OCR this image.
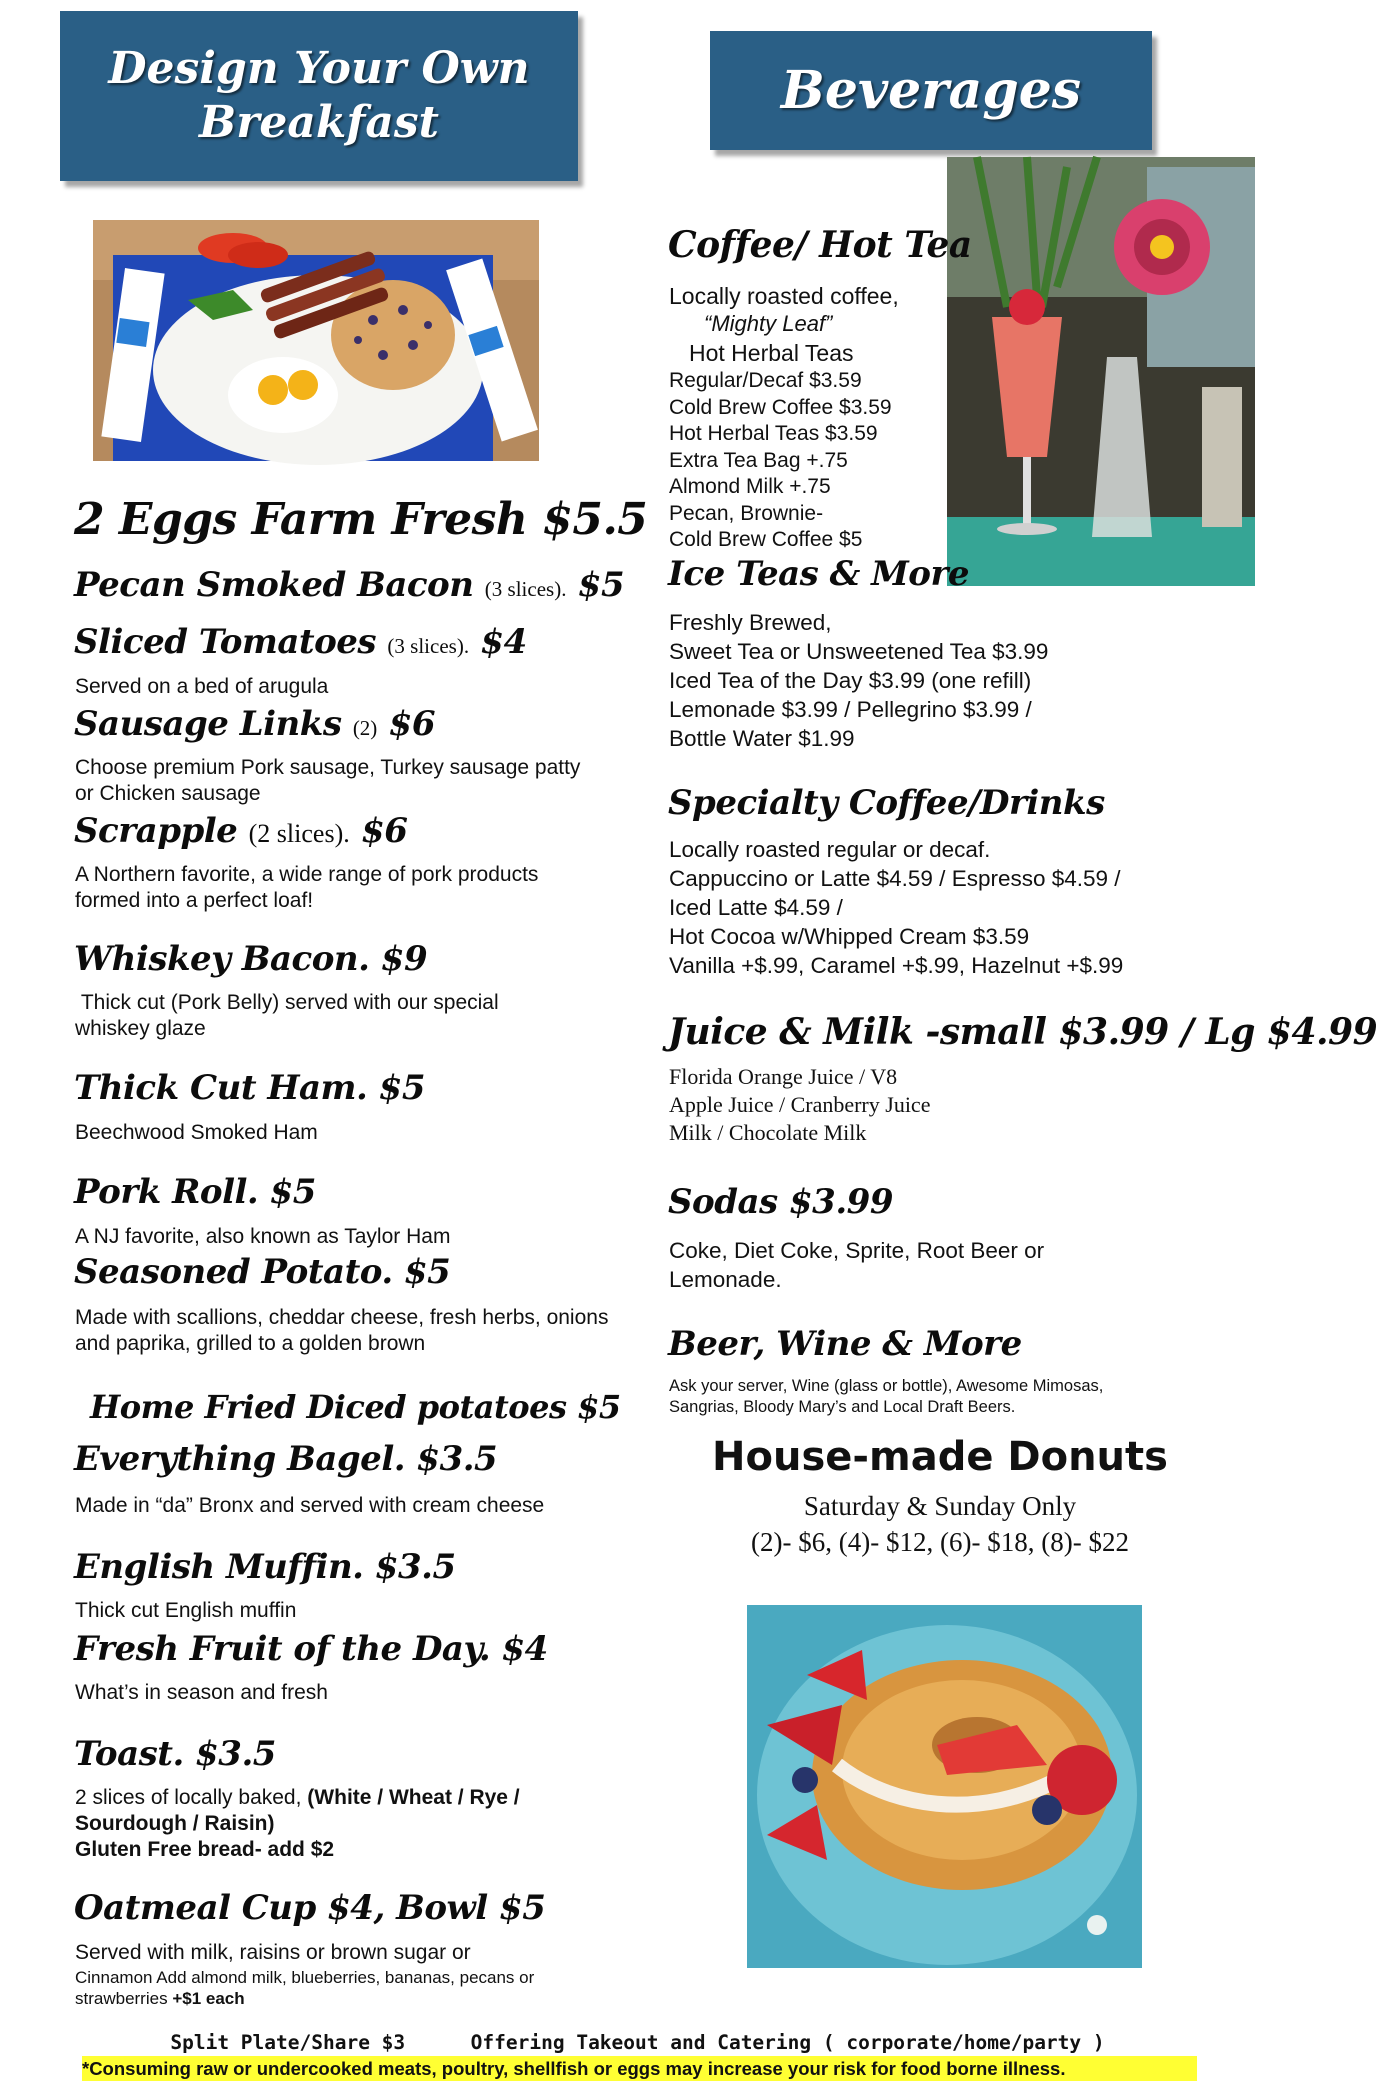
Design Your Own
Breakfast
Beverages
2 Eggs Farm Fresh $5.5
Pecan Smoked Bacon (3 slices). $5
Sliced Tomatoes (3 slices). $4
Served on a bed of arugula
Sausage Links (2) $6
Choose premium Pork sausage, Turkey sausage patty or Chicken sausage
Scrapple (2 slices). $6
A Northern favorite, a wide range of pork products formed into a perfect loaf!
Whiskey Bacon. $9
Thick cut (Pork Belly) served with our special whiskey glaze
Thick Cut Ham. $5
Beechwood Smoked Ham
Pork Roll. $5
A NJ favorite, also known as Taylor Ham
Seasoned Potato. $5
Made with scallions, cheddar cheese, fresh herbs, onions and paprika, grilled to a golden brown
Home Fried Diced potatoes $5
Everything Bagel. $3.5
Made in “da” Bronx and served with cream cheese
English Muffin. $3.5
Thick cut English muffin
Fresh Fruit of the Day. $4
What’s in season and fresh
Toast. $3.5
2 slices of locally baked, (White / Wheat / Rye / Sourdough / Raisin)
Gluten Free bread- add $2
Oatmeal Cup $4, Bowl $5
Served with milk, raisins or brown sugar or
Cinnamon Add almond milk, blueberries, bananas, pecans or strawberries +$1 each
Coffee/ Hot Tea
Locally roasted coffee,
“Mighty Leaf”
Hot Herbal Teas
Regular/Decaf $3.59
Cold Brew Coffee $3.59
Hot Herbal Teas $3.59
Extra Tea Bag +.75
Almond Milk +.75
Pecan, Brownie-
Cold Brew Coffee $5
Ice Teas & More
Freshly Brewed,
Sweet Tea or Unsweetened Tea $3.99
Iced Tea of the Day $3.99 (one refill)
Lemonade $3.99 / Pellegrino $3.99 /
Bottle Water $1.99
Specialty Coffee/Drinks
Locally roasted regular or decaf.
Cappuccino or Latte $4.59 / Espresso $4.59 /
Iced Latte $4.59 /
Hot Cocoa w/Whipped Cream $3.59
Vanilla +$.99, Caramel +$.99, Hazelnut +$.99
Juice & Milk -small $3.99 / Lg $4.99
Florida Orange Juice / V8
Apple Juice / Cranberry Juice
Milk / Chocolate Milk
Sodas $3.99
Coke, Diet Coke, Sprite, Root Beer or
Lemonade.
Beer, Wine & More
Ask your server, Wine (glass or bottle), Awesome Mimosas,
Sangrias, Bloody Mary’s and Local Draft Beers.
House-made Donuts
Saturday & Sunday Only
(2)- $6, (4)- $12, (6)- $18, (8)- $22
Split Plate/Share $3	Offering Takeout and Catering ( corporate/home/party )
*Consuming raw or undercooked meats, poultry, shellfish or eggs may increase your risk for food borne illness.
